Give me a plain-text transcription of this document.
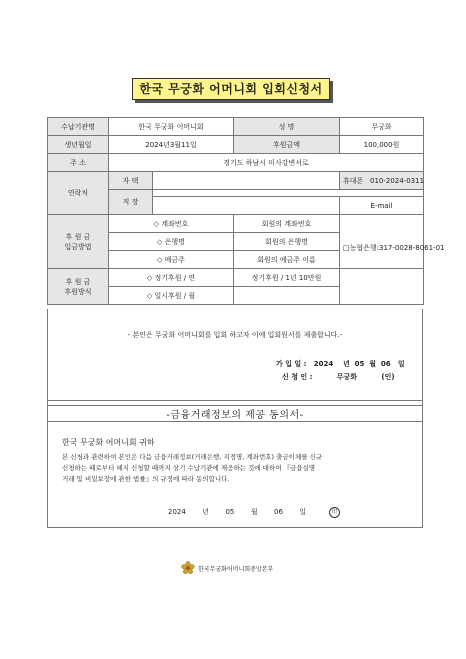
한국 무궁화 어머니회 입회신청서
수납기관명	한국 무궁화 어머니회		성 명	무궁화
생년월일	2024년3월11일		후원금액	100,000원
주 소	경기도 하남시 미사강변서로			
연락처	자 택			휴대폰 010-2024-0311
	직 장			
				E-mail
후 원 금
입금방법	◇ 계좌번호		회원의 계좌번호	□농협은행:317-0028-8061-01
	◇ 은행명		회원의 은행명	
	◇ 예금주		회원의 예금주 이름	
후 원 금
후원방식	◇ 정기후원 / 연		정기후원 / 1년 10만원	
	◇ 일시후원 / 월			
- 본인은 무궁화 어머니회를 입회 하고자 이에 입회원서를 제출합니다.-
가 입 일 :   2024    년  05  월  06   일
신 청 인 :          무궁화          (인)
-금융거래정보의 제공 동의서-
한국 무궁화 어머니회 귀하
본 신청과 관련하여 본인은 다음 금융거래정보(거래은행, 지정명, 계좌번호) 출금이체를 신규
신청하는 때로부터 해지 신청할 때까지 상기 수납기관에 제공하는 것에 대하여 『금융실명
거래 및 비밀보장에 관한 법률』의 규정에 따라 동의합니다.
2024  년  05  월  06  일	印
한국무궁화어머니회중앙본부
